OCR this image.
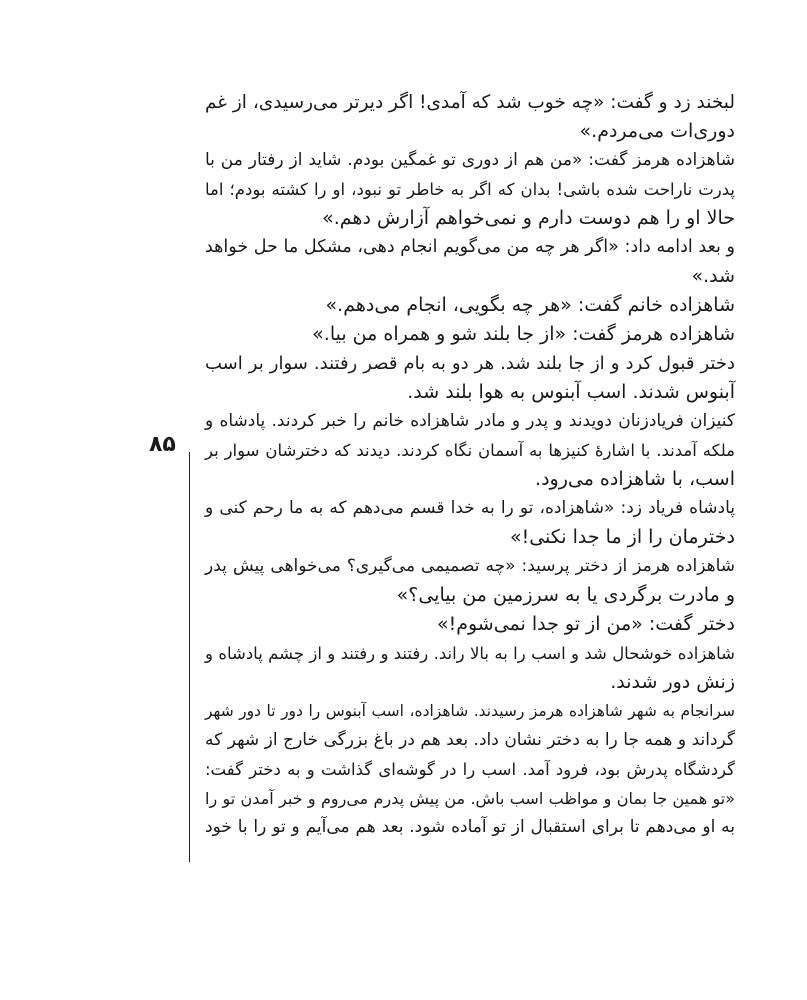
۸۵
لبخند زد و گفت: «چه خوب شد که آمدی! اگر دیرتر می‌رسیدی، از غم
دوری‌ات می‌مردم.»
شاهزاده هرمز گفت: «من هم از دوری تو غمگین بودم. شاید از رفتار من با
پدرت ناراحت شده باشی! بدان که اگر به خاطر تو نبود، او را کشته بودم؛ اما
حالا او را هم دوست دارم و نمی‌خواهم آزارش دهم.»
و بعد ادامه داد: «اگر هر چه من می‌گویم انجام دهی، مشکل ما حل خواهد
شد.»
شاهزاده خانم گفت: «هر چه بگویی، انجام می‌دهم.»
شاهزاده هرمز گفت: «از جا بلند شو و همراه من بیا.»
دختر قبول کرد و از جا بلند شد. هر دو به بام قصر رفتند. سوار بر اسب
آبنوس شدند. اسب آبنوس به هوا بلند شد.
کنیزان فریادزنان دویدند و پدر و مادر شاهزاده خانم را خبر کردند. پادشاه و
ملکه آمدند. با اشارهٔ کنیزها به آسمان نگاه کردند. دیدند که دخترشان سوار بر
اسب، با شاهزاده می‌رود.
پادشاه فریاد زد: «شاهزاده، تو را به خدا قسم می‌دهم که به ما رحم کنی و
دخترمان را از ما جدا نکنی!»
شاهزاده هرمز از دختر پرسید: «چه تصمیمی می‌گیری؟ می‌خواهی پیش پدر
و مادرت برگردی یا به سرزمین من بیایی؟»
دختر گفت: «من از تو جدا نمی‌شوم!»
شاهزاده خوشحال شد و اسب را به بالا راند. رفتند و رفتند و از چشم پادشاه و
زنش دور شدند.
سرانجام به شهر شاهزاده هرمز رسیدند. شاهزاده، اسب آبنوس را دور تا دور شهر
گرداند و همه جا را به دختر نشان داد. بعد هم در باغ بزرگی خارج از شهر که
گردشگاه پدرش بود، فرود آمد. اسب را در گوشه‌ای گذاشت و به دختر گفت:
«تو همین جا بمان و مواظب اسب باش. من پیش پدرم می‌روم و خبر آمدن تو را
به او می‌دهم تا برای استقبال از تو آماده شود. بعد هم می‌آیم و تو را با خود
